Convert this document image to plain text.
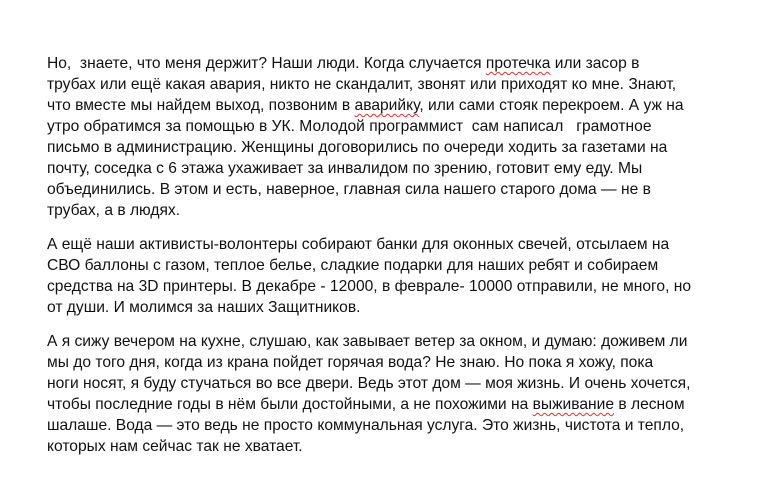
Но,  знаете, что меня держит? Наши люди. Когда случается протечка или засор в
трубах или ещё какая авария, никто не скандалит, звонят или приходят ко мне. Знают,
что вместе мы найдем выход, позвоним в аварийку, или сами стояк перекроем. А уж на
утро обратимся за помощью в УК. Молодой программист  сам написал   грамотное
письмо в администрацию. Женщины договорились по очереди ходить за газетами на
почту, соседка с 6 этажа ухаживает за инвалидом по зрению, готовит ему еду. Мы
объединились. В этом и есть, наверное, главная сила нашего старого дома — не в
трубах, а в людях.
А ещё наши активисты-волонтеры собирают банки для оконных свечей, отсылаем на
СВО баллоны с газом, теплое белье, сладкие подарки для наших ребят и собираем
средства на 3D принтеры. В декабре - 12000, в феврале- 10000 отправили, не много, но
от души. И молимся за наших Защитников.
А я сижу вечером на кухне, слушаю, как завывает ветер за окном, и думаю: доживем ли
мы до того дня, когда из крана пойдет горячая вода? Не знаю. Но пока я хожу, пока
ноги носят, я буду стучаться во все двери. Ведь этот дом — моя жизнь. И очень хочется,
чтобы последние годы в нём были достойными, а не похожими на выживание в лесном
шалаше. Вода — это ведь не просто коммунальная услуга. Это жизнь, чистота и тепло,
которых нам сейчас так не хватает.
